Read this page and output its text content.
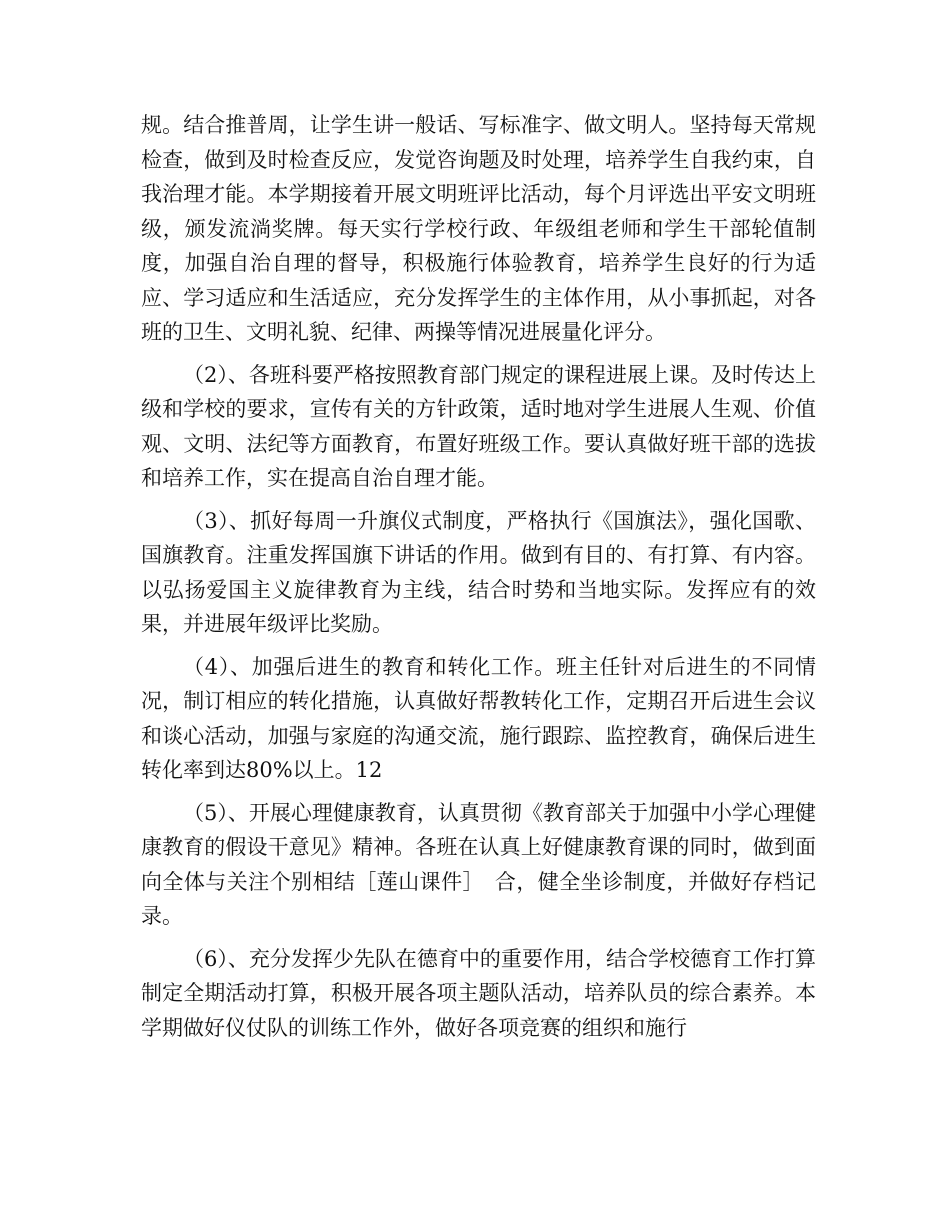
规。结合推普周，让学生讲一般话、写标准字、做文明人。坚持每天常规检查，做到及时检查反应，发觉咨询题及时处理，培养学生自我约束，自我治理才能。本学期接着开展文明班评比活动，每个月评选出平安文明班级，颁发流淌奖牌。每天实行学校行政、年级组老师和学生干部轮值制度，加强自治自理的督导，积极施行体验教育，培养学生良好的行为适应、学习适应和生活适应，充分发挥学生的主体作用，从小事抓起，对各班的卫生、文明礼貌、纪律、两操等情况进展量化评分。

（2）、各班科要严格按照教育部门规定的课程进展上课。及时传达上级和学校的要求，宣传有关的方针政策，适时地对学生进展人生观、价值观、文明、法纪等方面教育，布置好班级工作。要认真做好班干部的选拔和培养工作，实在提高自治自理才能。

（3）、抓好每周一升旗仪式制度，严格执行《国旗法》，强化国歌、国旗教育。注重发挥国旗下讲话的作用。做到有目的、有打算、有内容。以弘扬爱国主义旋律教育为主线，结合时势和当地实际。发挥应有的效果，并进展年级评比奖励。

（4）、加强后进生的教育和转化工作。班主任针对后进生的不同情况，制订相应的转化措施，认真做好帮教转化工作，定期召开后进生会议和谈心活动，加强与家庭的沟通交流，施行跟踪、监控教育，确保后进生转化率到达80%以上。12

（5）、开展心理健康教育，认真贯彻《教育部关于加强中小学心理健康教育的假设干意见》精神。各班在认真上好健康教育课的同时，做到面向全体与关注个别相结［莲山课件］　合，健全坐诊制度，并做好存档记录。

（6）、充分发挥少先队在德育中的重要作用，结合学校德育工作打算制定全期活动打算，积极开展各项主题队活动，培养队员的综合素养。本学期做好仪仗队的训练工作外，做好各项竞赛的组织和施行
